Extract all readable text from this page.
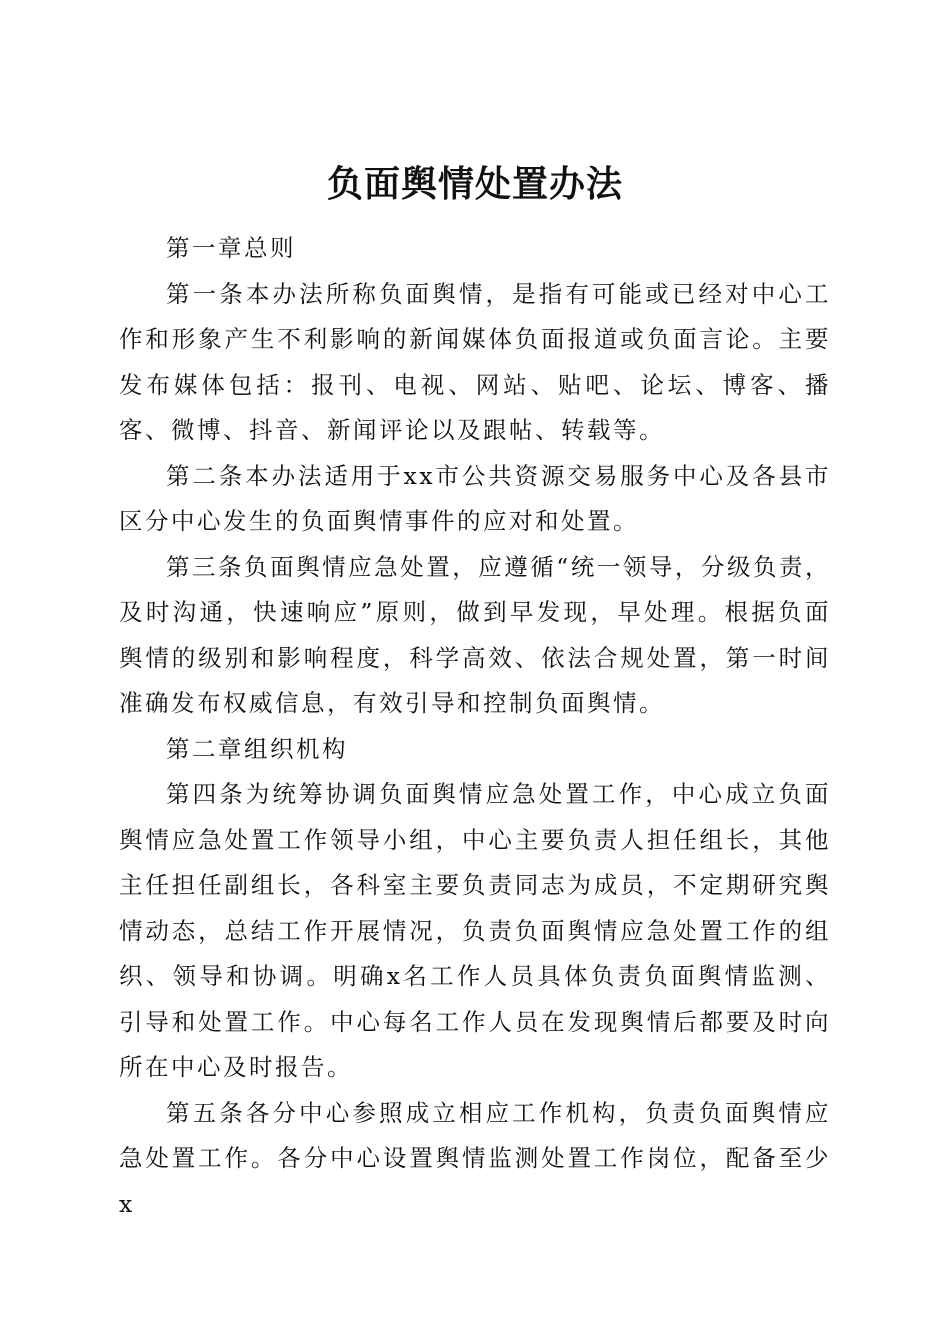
负面舆情处置办法

第一章总则

第一条本办法所称负面舆情，是指有可能或已经对中心工作和形象产生不利影响的新闻媒体负面报道或负面言论。主要发布媒体包括：报刊、电视、网站、贴吧、论坛、博客、播客、微博、抖音、新闻评论以及跟帖、转载等。

第二条本办法适用于xx市公共资源交易服务中心及各县市区分中心发生的负面舆情事件的应对和处置。

第三条负面舆情应急处置，应遵循“统一领导，分级负责，及时沟通，快速响应”原则，做到早发现，早处理。根据负面舆情的级别和影响程度，科学高效、依法合规处置，第一时间准确发布权威信息，有效引导和控制负面舆情。

第二章组织机构

第四条为统筹协调负面舆情应急处置工作，中心成立负面舆情应急处置工作领导小组，中心主要负责人担任组长，其他主任担任副组长，各科室主要负责同志为成员，不定期研究舆情动态，总结工作开展情况，负责负面舆情应急处置工作的组织、领导和协调。明确x名工作人员具体负责负面舆情监测、引导和处置工作。中心每名工作人员在发现舆情后都要及时向所在中心及时报告。

第五条各分中心参照成立相应工作机构，负责负面舆情应急处置工作。各分中心设置舆情监测处置工作岗位，配备至少x
